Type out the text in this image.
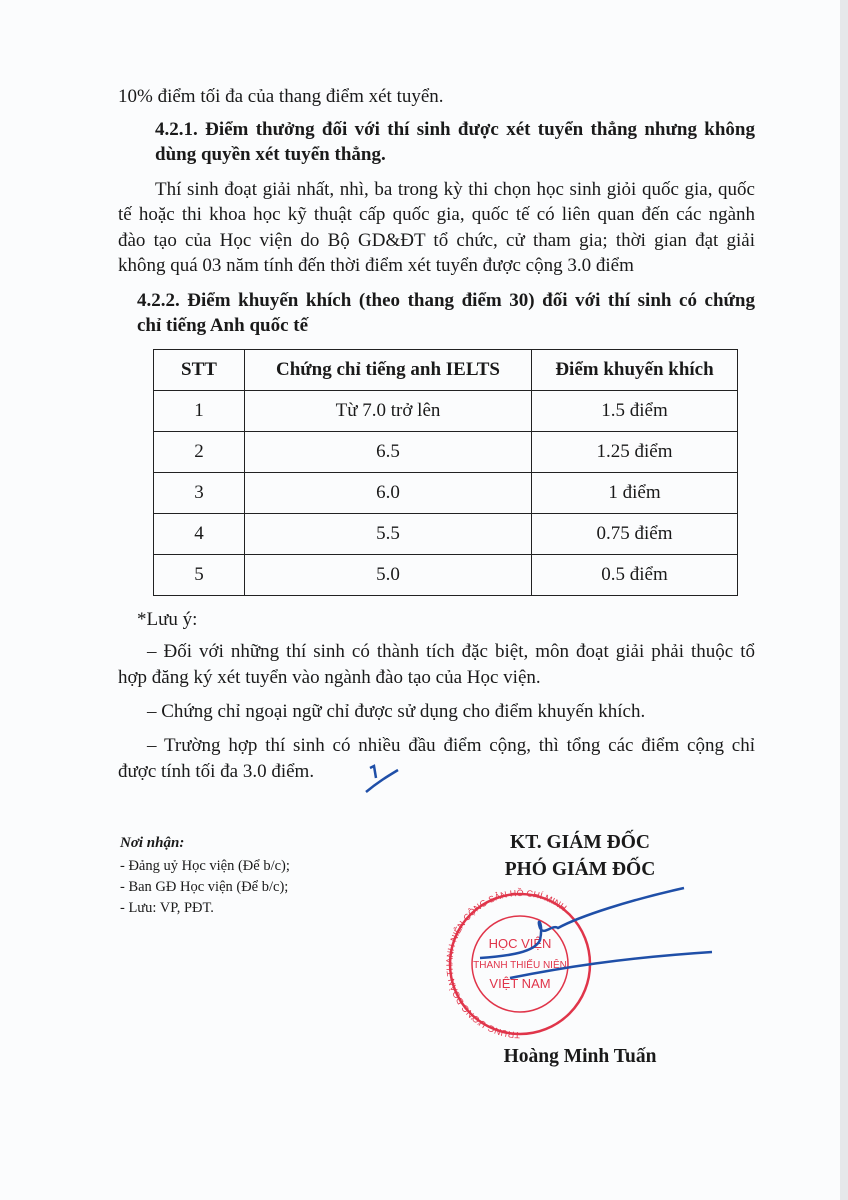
10% điểm tối đa của thang điểm xét tuyển.
4.2.1. Điểm thưởng đối với thí sinh được xét tuyển thẳng nhưng không
dùng quyền xét tuyển thẳng.
Thí sinh đoạt giải nhất, nhì, ba trong kỳ thi chọn học sinh giỏi quốc gia, quốc
tế hoặc thi khoa học kỹ thuật cấp quốc gia, quốc tế có liên quan đến các ngành
đào tạo của Học viện do Bộ GD&ĐT tổ chức, cử tham gia; thời gian đạt giải
không quá 03 năm tính đến thời điểm xét tuyển được cộng 3.0 điểm
4.2.2. Điểm khuyến khích (theo thang điểm 30) đối với thí sinh có chứng
chỉ tiếng Anh quốc tế
STT	Chứng chỉ tiếng anh IELTS	Điểm khuyến khích
1	Từ 7.0 trở lên	1.5 điểm
2	6.5	1.25 điểm
3	6.0	1 điểm
4	5.5	0.75 điểm
5	5.0	0.5 điểm
*Lưu ý:
– Đối với những thí sinh có thành tích đặc biệt, môn đoạt giải phải thuộc tổ
hợp đăng ký xét tuyển vào ngành đào tạo của Học viện.
– Chứng chỉ ngoại ngữ chỉ được sử dụng cho điểm khuyến khích.
– Trường hợp thí sinh có nhiều đầu điểm cộng, thì tổng các điểm cộng chỉ
được tính tối đa 3.0 điểm.
Nơi nhận:
- Đảng uỷ Học viện (Để b/c);
- Ban GĐ Học viện (Để b/c);
- Lưu: VP, PĐT.
KT. GIÁM ĐỐC
PHÓ GIÁM ĐỐC
TRUNG ƯƠNG ĐOÀN THANH NIÊN CỘNG SẢN HỒ CHÍ MINH
HỌC VIỆN
THANH THIẾU NIÊN
VIỆT NAM
Hoàng Minh Tuấn
